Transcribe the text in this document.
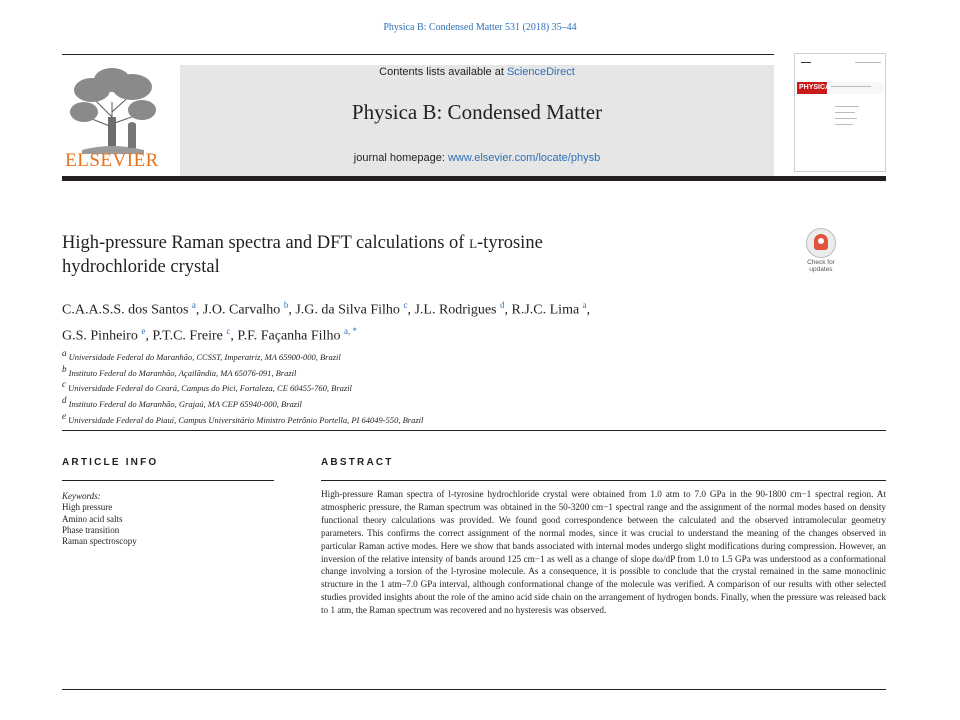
Physica B: Condensed Matter 531 (2018) 35–44
ELSEVIER
Contents lists available at ScienceDirect
Physica B: Condensed Matter
journal homepage: www.elsevier.com/locate/physb
PHYSICA
High-pressure Raman spectra and DFT calculations of l-tyrosine
hydrochloride crystal	Check for
updates
C.A.A.S.S. dos Santos $^a$, J.O. Carvalho $^b$, J.G. da Silva Filho $^c$, J.L. Rodrigues $^d$, R.J.C. Lima $^a$,
G.S. Pinheiro $^e$, P.T.C. Freire $^c$, P.F. Façanha Filho $^{a, *}$
$^a$ Universidade Federal do Maranhão, CCSST, Imperatriz, MA 65900-000, Brazil
$^b$ Instituto Federal do Maranhão, Açailândia, MA 65076-091, Brazil
$^c$ Universidade Federal do Ceará, Campus do Pici, Fortaleza, CE 60455-760, Brazil
$^d$ Instituto Federal do Maranhão, Grajaú, MA CEP 65940-000, Brazil
$^e$ Universidade Federal do Piauí, Campus Universitário Ministro Petrônio Portella, PI 64049-550, Brazil
ARTICLE INFO	ABSTRACT
Keywords:
High pressure
Amino acid salts
Phase transition
Raman spectroscopy
High-pressure Raman spectra of l-tyrosine hydrochloride crystal were obtained from 1.0 atm to 7.0 GPa in the 90-1800 cm−1 spectral region. At atmospheric pressure, the Raman spectrum was obtained in the 50-3200 cm−1 spectral range and the assignment of the normal modes based on density functional theory calculations was provided. We found good correspondence between the calculated and the observed intramolecular geometry parameters. This confirms the correct assignment of the normal modes, since it was crucial to understand the meaning of the changes observed in particular Raman active modes. Here we show that bands associated with internal modes undergo slight modifications during compression. However, an inversion of the relative intensity of bands around 125 cm−1 as well as a change of slope dω/dP from 1.0 to 1.5 GPa was understood as a conformational change involving a torsion of the l-tyrosine molecule. As a consequence, it is possible to conclude that the crystal remained in the same monoclinic structure in the 1 atm–7.0 GPa interval, although conformational change of the molecule was verified. A comparison of our results with other selected studies provided insights about the role of the amino acid side chain on the arrangement of hydrogen bonds. Finally, when the pressure was released back to 1 atm, the Raman spectrum was recovered and no hysteresis was observed.
